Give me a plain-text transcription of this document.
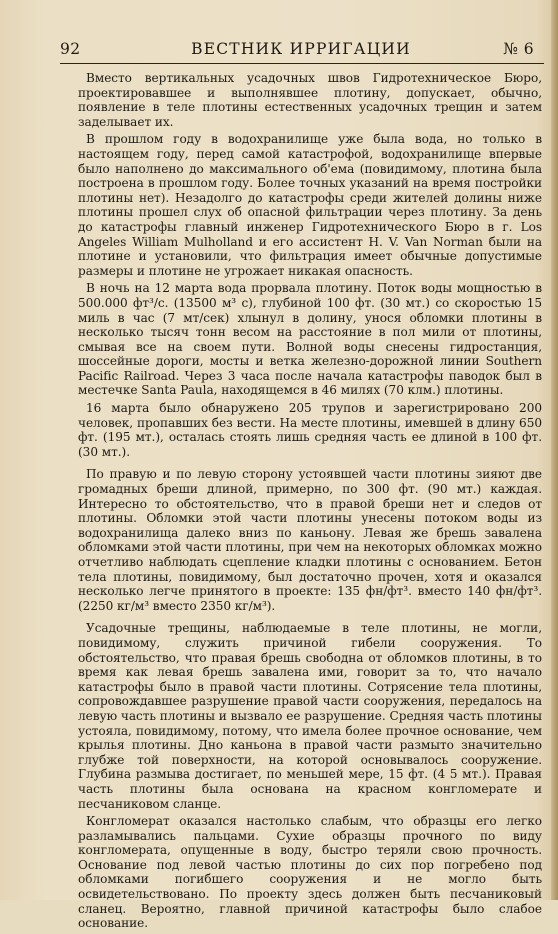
92	ВЕСТНИК ИРРИГАЦИИ	№ 6

Вместо вертикальных усадочных швов Гидротехническое Бюро, проектировавшее и выполнявшее плотину, допускает, обычно, появление в теле плотины естественных усадочных трещин и затем заделывает их.

В прошлом году в водохранилище уже была вода, но только в настоящем году, перед самой катастрофой, водохранилище впервые было наполнено до максимального об'ема (повидимому, плотина была построена в прошлом году. Более точных указаний на время постройки плотины нет). Незадолго до катастрофы среди жителей долины ниже плотины прошел слух об опасной фильтрации через плотину. За день до катастрофы главный инженер Гидротехнического Бюро в г. Los Angeles William Mulholland и его ассистент H. V. Van Norman были на плотине и установили, что фильтрация имеет обычные допустимые размеры и плотине не угрожает никакая опасность.

В ночь на 12 марта вода прорвала плотину. Поток воды мощностью в 500.000 фт³/с. (13500 м³ с), глубиной 100 фт. (30 мт.) со скоростью 15 миль в час (7 мт/сек) хлынул в долину, унося обломки плотины в несколько тысяч тонн весом на расстояние в пол мили от плотины, смывая все на своем пути. Волной воды снесены гидростанция, шоссейные дороги, мосты и ветка железно-дорожной линии Southern Pacific Railroad. Через 3 часа после начала катастрофы паводок был в местечке Santa Paula, находящемся в 46 милях (70 клм.) плотины.

16 марта было обнаружено 205 трупов и зарегистрировано 200 человек, пропавших без вести. На месте плотины, имевшей в длину 650 фт. (195 мт.), осталась стоять лишь средняя часть ее длиной в 100 фт. (30 мт.).

По правую и по левую сторону устоявшей части плотины зияют две громадных бреши длиной, примерно, по 300 фт. (90 мт.) каждая. Интересно то обстоятельство, что в правой бреши нет и следов от плотины. Обломки этой части плотины унесены потоком воды из водохранилища далеко вниз по каньону. Левая же брешь завалена обломками этой части плотины, при чем на некоторых обломках можно отчетливо наблюдать сцепление кладки плотины с основанием. Бетон тела плотины, повидимому, был достаточно прочен, хотя и оказался несколько легче принятого в проекте: 135 фн/фт³. вместо 140 фн/фт³. (2250 кг/м³ вместо 2350 кг/м³).

Усадочные трещины, наблюдаемые в теле плотины, не могли, повидимому, служить причиной гибели сооружения. То обстоятельство, что правая брешь свободна от обломков плотины, в то время как левая брешь завалена ими, говорит за то, что начало катастрофы было в правой части плотины. Сотрясение тела плотины, сопровождавшее разрушение правой части сооружения, передалось на левую часть плотины и вызвало ее разрушение. Средняя часть плотины устояла, повидимому, потому, что имела более прочное основание, чем крылья плотины. Дно каньона в правой части размыто значительно глубже той поверхности, на которой основывалось сооружение. Глубина размыва достигает, по меньшей мере, 15 фт. (4 5 мт.). Правая часть плотины была основана на красном конгломерате и песчаниковом сланце.

Конгломерат оказался настолько слабым, что образцы его легко разламывались пальцами. Сухие образцы прочного по виду конгломерата, опущенные в воду, быстро теряли свою прочность. Основание под левой частью плотины до сих пор погребено под обломками погибшего сооружения и не могло быть освидетельствовано. По проекту здесь должен быть песчаниковый сланец. Вероятно, главной причиной катастрофы было слабое основание.
